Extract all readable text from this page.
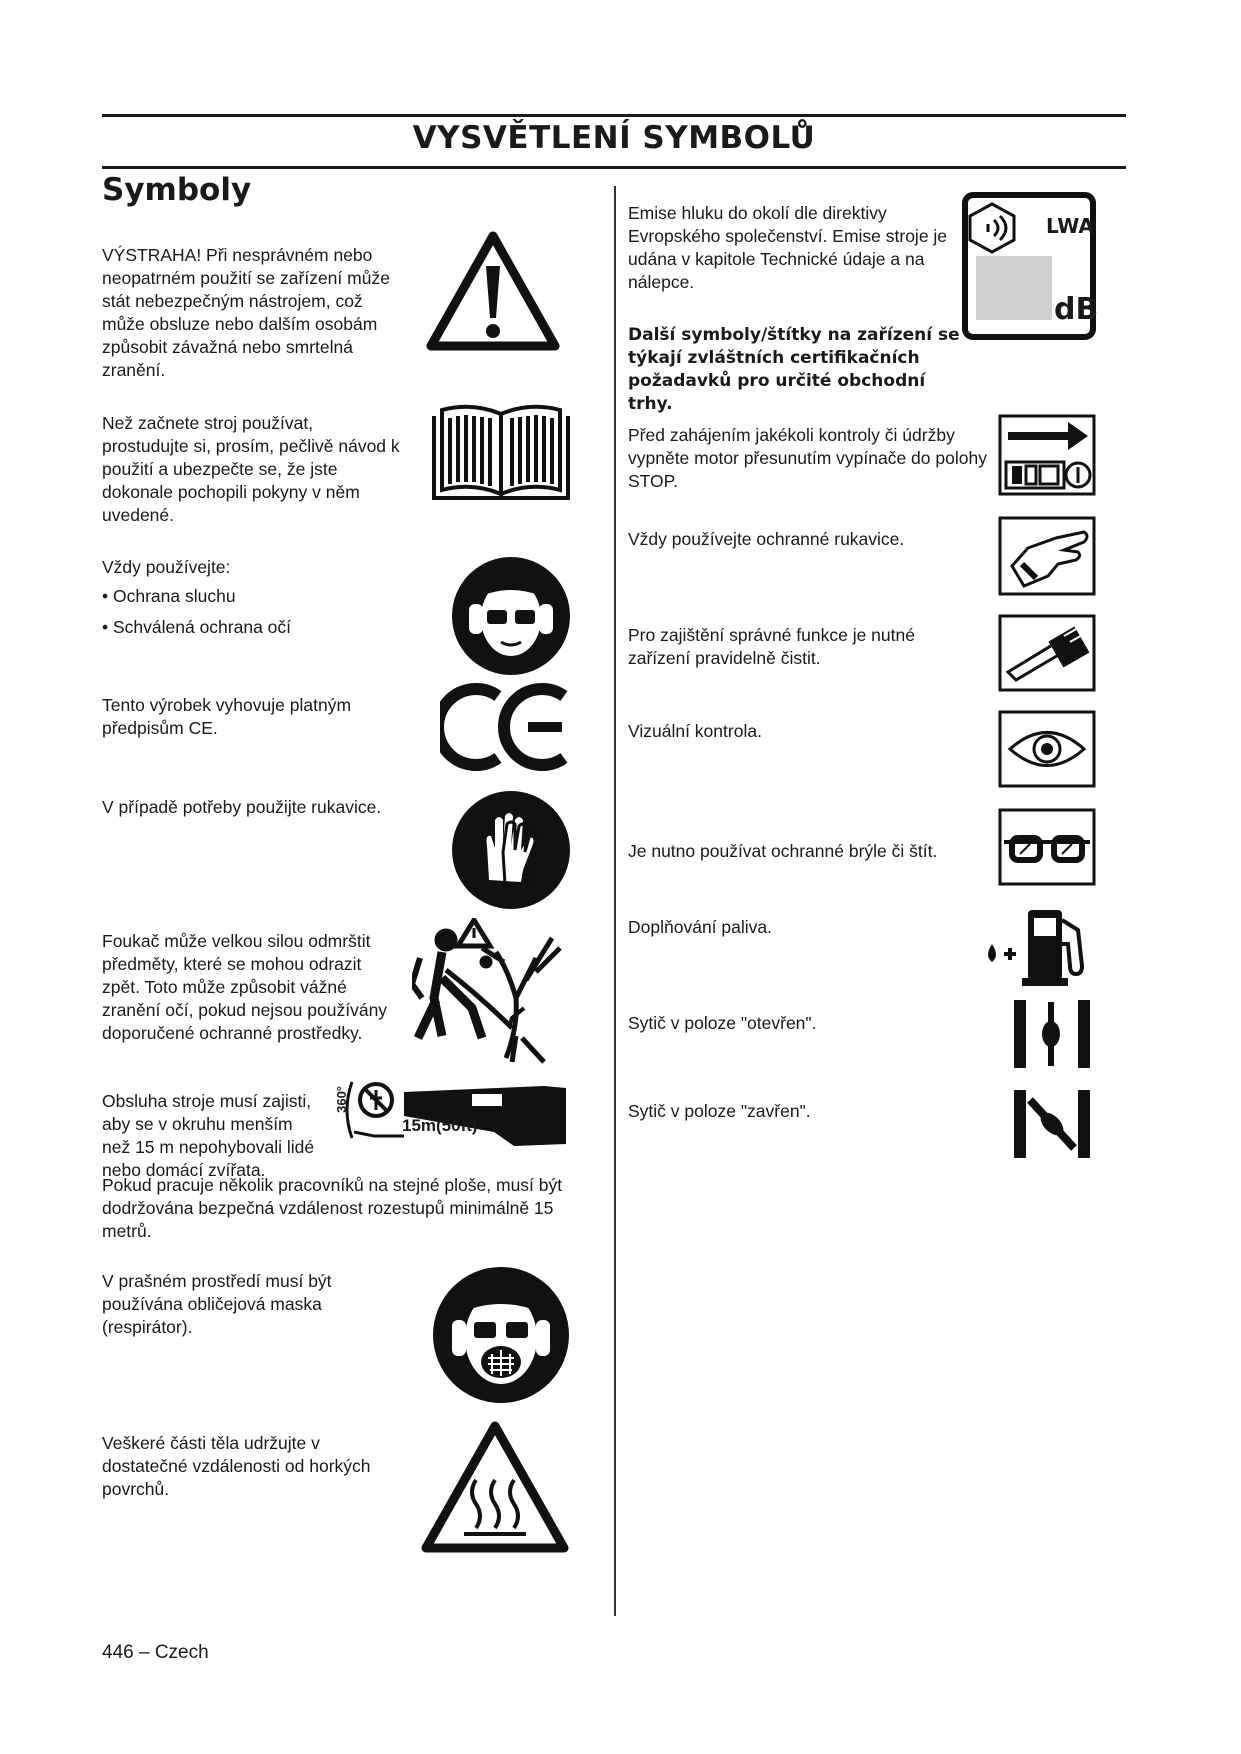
VYSVĚTLENÍ SYMBOLŮ
Symboly
VÝSTRAHA! Při nesprávném nebo neopatrném použití se zařízení může stát nebezpečným nástrojem, což může obsluze nebo dalším osobám způsobit závažná nebo smrtelná zranění.
Než začnete stroj používat, prostudujte si, prosím, pečlivě návod k použití a ubezpečte se, že jste dokonale pochopili pokyny v něm uvedené.

Vždy používejte:

• Ochrana sluchu
• Schválená ochrana očí
Tento výrobek vyhovuje platným předpisům CE.
V případě potřeby použijte rukavice.
Foukač může velkou silou odmrštit předměty, které se mohou odrazit zpět. Toto může způsobit vážné zranění očí, pokud nejsou používány doporučené ochranné prostředky.
Obsluha stroje musí zajisti, aby se v okruhu menším než 15 m nepohybovali lidé nebo domácí zvířata.
360°
15m(50ft)
Pokud pracuje několik pracovníků na stejné ploše, musí být dodržována bezpečná vzdálenost rozestupů minimálně 15 metrů.
V prašném prostředí musí být používána obličejová maska (respirátor).
Veškeré části těla udržujte v dostatečné vzdálenosti od horkých povrchů.
446 – Czech
Emise hluku do okolí dle direktivy Evropského společenství. Emise stroje je udána v kapitole Technické údaje a na nálepce.
LWA
dB
Další symboly/štítky na zařízení se týkají zvláštních certifikačních požadavků pro určité obchodní trhy.
Před zahájením jakékoli kontroly či údržby vypněte motor přesunutím vypínače do polohy STOP.
Vždy používejte ochranné rukavice.
Pro zajištění správné funkce je nutné zařízení pravidelně čistit.
Vizuální kontrola.
Je nutno používat ochranné brýle či štít.
Doplňování paliva.
Sytič v poloze "otevřen".
Sytič v poloze "zavřen".
